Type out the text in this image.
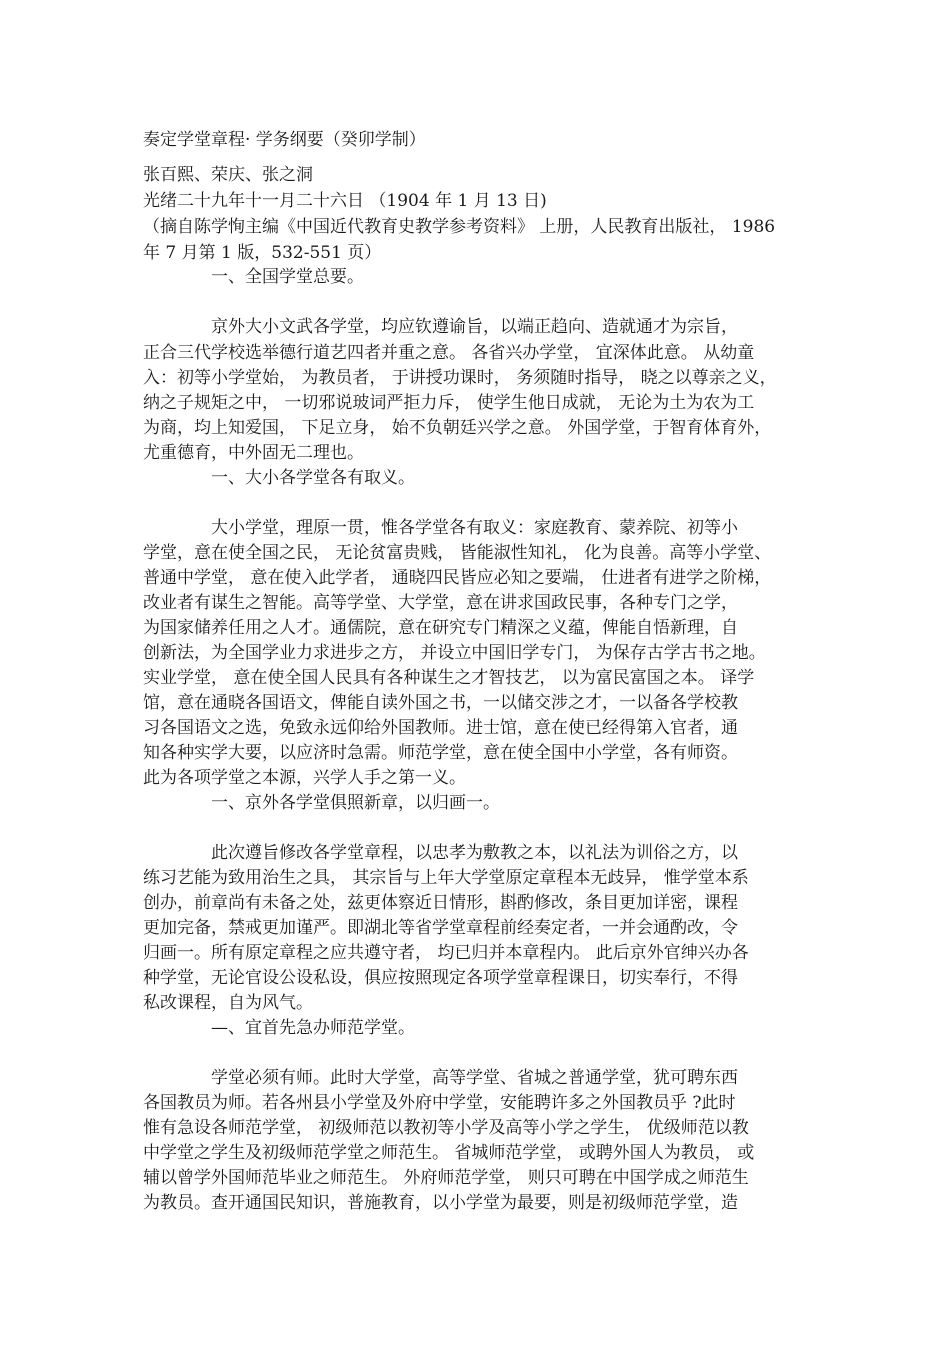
奏定学堂章程· 学务纲要（癸卯学制）

张百熙、荣庆、张之洞

光绪二十九年十一月二十六日 （1904 年 1 月 13 日)

（摘自陈学恂主编《中国近代教育史教学参考资料》 上册，人民教育出版社， 1986

年 7 月第 1 版，532-551 页）

一、全国学堂总要。

京外大小文武各学堂，均应钦遵谕旨，以端正趋向、造就通才为宗旨，

正合三代学校选举德行道艺四者并重之意。 各省兴办学堂， 宜深体此意。 从幼童

入：初等小学堂始， 为教员者， 于讲授功课时， 务须随时指导， 晓之以尊亲之义，

纳之子规矩之中， 一切邪说玻词严拒力斥， 使学生他日成就， 无论为土为农为工

为商，均上知爱国， 下足立身， 始不负朝廷兴学之意。 外国学堂，于智育体育外，

尤重德育，中外固无二理也。

一、大小各学堂各有取义。

大小学堂，理原一贯，惟各学堂各有取义：家庭教育、蒙养院、初等小

学堂，意在使全国之民， 无论贫富贵贱， 皆能淑性知礼， 化为良善。高等小学堂、

普通中学堂， 意在使入此学者， 通晓四民皆应必知之要端， 仕进者有进学之阶梯，

改业者有谋生之智能。高等学堂、大学堂，意在讲求国政民事，各种专门之学，

为国家储养任用之人才。通儒院，意在研究专门精深之义蕴，俾能自悟新理，自

创新法，为全国学业力求进步之方， 并设立中国旧学专门， 为保存古学古书之地。

实业学堂， 意在使全国人民具有各种谋生之才智技艺， 以为富民富国之本。 译学

馆，意在通晓各国语文，俾能自读外国之书，一以储交涉之才，一以备各学校教

习各国语文之选，免致永远仰给外国教师。进士馆，意在使已经得第入官者，通

知各种实学大要，以应济时急需。师范学堂，意在使全国中小学堂，各有师资。

此为各项学堂之本源，兴学人手之第一义。

一、京外各学堂俱照新章，以归画一。

此次遵旨修改各学堂章程，以忠孝为敷教之本，以礼法为训俗之方，以

练习艺能为致用治生之具， 其宗旨与上年大学堂原定章程本无歧异， 惟学堂本系

创办，前章尚有未备之处，兹更体察近日情形，斟酌修改，条目更加详密，课程

更加完备，禁戒更加谨严。即湖北等省学堂章程前经奏定者，一并会通酌改，令

归画一。所有原定章程之应共遵守者， 均已归并本章程内。 此后京外官绅兴办各

种学堂，无论官设公设私设，俱应按照现定各项学堂章程课日，切实奉行，不得

私改课程，自为风气。

—、宜首先急办师范学堂。

学堂必须有师。此时大学堂，高等学堂、省城之普通学堂，犹可聘东西

各国教员为师。若各州县小学堂及外府中学堂，安能聘许多之外国教员乎 ?此时

惟有急设各师范学堂， 初级师范以教初等小学及高等小学之学生， 优级师范以教

中学堂之学生及初级师范学堂之师范生。 省城师范学堂， 或聘外国人为教员， 或

辅以曾学外国师范毕业之师范生。 外府师范学堂， 则只可聘在中国学成之师范生

为教员。查开通国民知识，普施教育，以小学堂为最要，则是初级师范学堂，造
